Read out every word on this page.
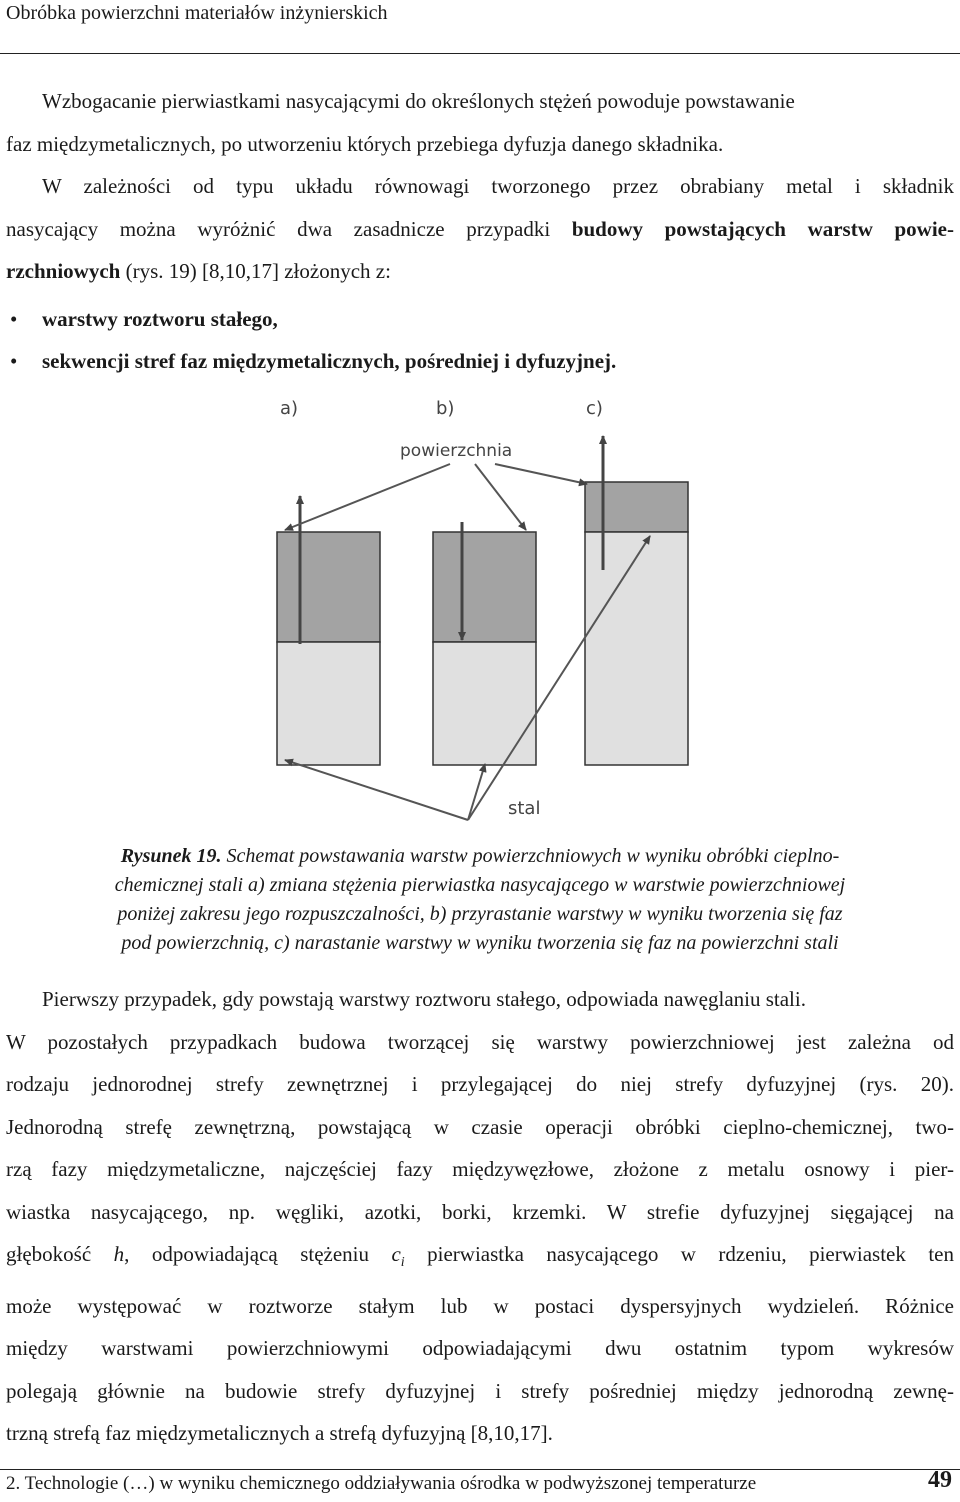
Obróbka powierzchni materiałów inżynierskich
Wzbogacanie pierwiastkami nasycającymi do określonych stężeń powoduje powstawanie
faz międzymetalicznych, po utworzeniu których przebiega dyfuzja danego składnika.
W zależności od typu układu równowagi tworzonego przez obrabiany metal i składnik
nasycający można wyróżnić dwa zasadnicze przypadki budowy powstających warstw powie-
rzchniowych (rys. 19) [8,10,17] złożonych z:
• warstwy roztworu stałego,
• sekwencji stref faz międzymetalicznych, pośredniej i dyfuzyjnej.
a)	b)	c)
powierzchnia
stal
Rysunek 19. Schemat powstawania warstw powierzchniowych w wyniku obróbki cieplno-
chemicznej stali a) zmiana stężenia pierwiastka nasycającego w warstwie powierzchniowej
poniżej zakresu jego rozpuszczalności, b) przyrastanie warstwy w wyniku tworzenia się faz
pod powierzchnią, c) narastanie warstwy w wyniku tworzenia się faz na powierzchni stali
Pierwszy przypadek, gdy powstają warstwy roztworu stałego, odpowiada nawęglaniu stali.
W pozostałych przypadkach budowa tworzącej się warstwy powierzchniowej jest zależna od
rodzaju jednorodnej strefy zewnętrznej i przylegającej do niej strefy dyfuzyjnej (rys. 20).
Jednorodną strefę zewnętrzną, powstającą w czasie operacji obróbki cieplno-chemicznej, two-
rzą fazy międzymetaliczne, najczęściej fazy międzywęzłowe, złożone z metalu osnowy i pier-
wiastka nasycającego, np. węgliki, azotki, borki, krzemki. W strefie dyfuzyjnej sięgającej na
głębokość h, odpowiadającą stężeniu $c_i$ pierwiastka nasycającego w rdzeniu, pierwiastek ten
może występować w roztworze stałym lub w postaci dyspersyjnych wydzieleń. Różnice
między warstwami powierzchniowymi odpowiadającymi dwu ostatnim typom wykresów
polegają głównie na budowie strefy dyfuzyjnej i strefy pośredniej między jednorodną zewnę-
trzną strefą faz międzymetalicznych a strefą dyfuzyjną [8,10,17].
2. Technologie (…) w wyniku chemicznego oddziaływania ośrodka w podwyższonej temperaturze	49
